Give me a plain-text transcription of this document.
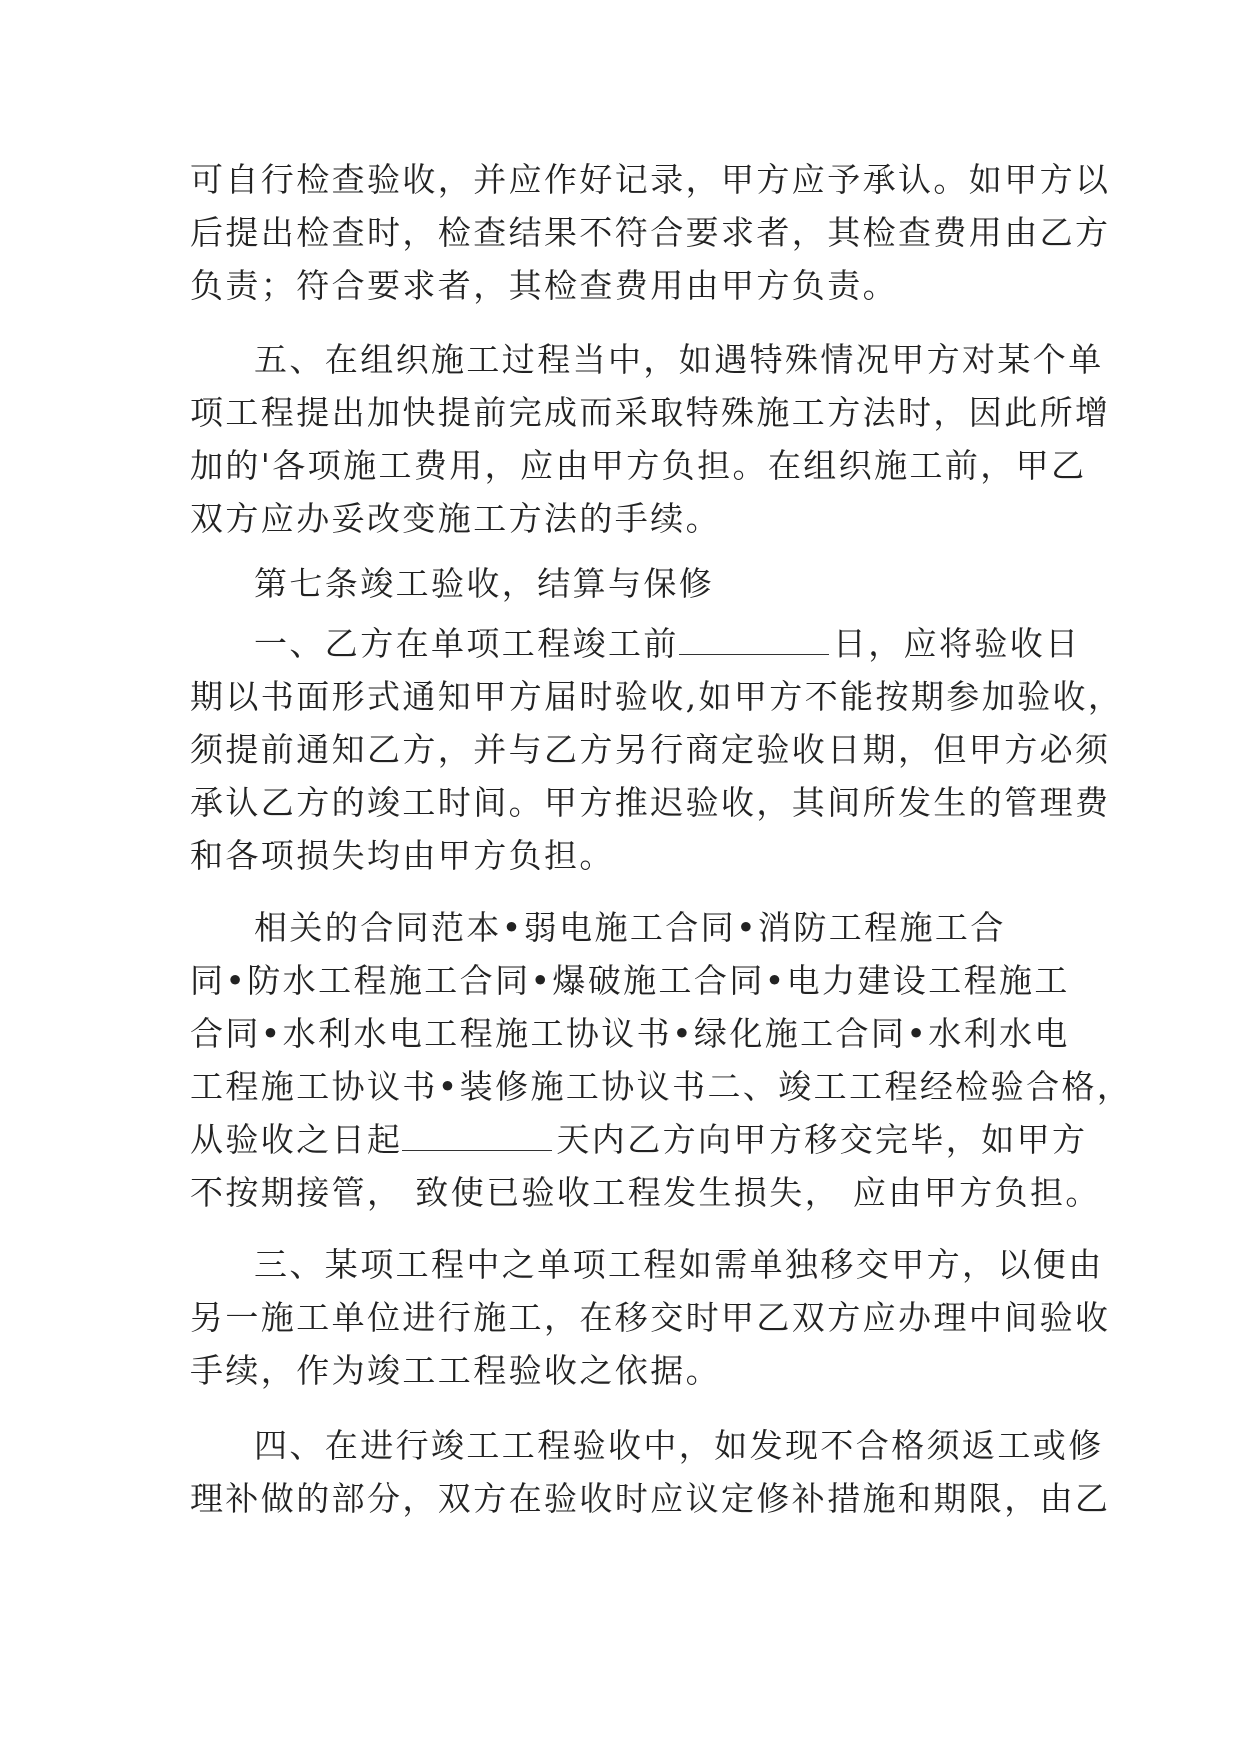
可自行检查验收，并应作好记录，甲方应予承认。如甲方以
后提出检查时，检查结果不符合要求者，其检查费用由乙方
负责；符合要求者，其检查费用由甲方负责。
五、在组织施工过程当中，如遇特殊情况甲方对某个单
项工程提出加快提前完成而采取特殊施工方法时，因此所增
加的'各项施工费用，应由甲方负担。在组织施工前，甲乙
双方应办妥改变施工方法的手续。
第七条竣工验收，结算与保修
一、乙方在单项工程竣工前	日，应将验收日
期以书面形式通知甲方届时验收,如甲方不能按期参加验收，
须提前通知乙方，并与乙方另行商定验收日期，但甲方必须
承认乙方的竣工时间。甲方推迟验收，其间所发生的管理费
和各项损失均由甲方负担。
相关的合同范本•弱电施工合同•消防工程施工合
同•防水工程施工合同•爆破施工合同•电力建设工程施工
合同•水利水电工程施工协议书•绿化施工合同•水利水电
工程施工协议书•装修施工协议书二、竣工工程经检验合格，
从验收之日起	天内乙方向甲方移交完毕，如甲方
不按期接管， 致使已验收工程发生损失， 应由甲方负担。
三、某项工程中之单项工程如需单独移交甲方，以便由
另一施工单位进行施工，在移交时甲乙双方应办理中间验收
手续，作为竣工工程验收之依据。
四、在进行竣工工程验收中，如发现不合格须返工或修
理补做的部分，双方在验收时应议定修补措施和期限，由乙
